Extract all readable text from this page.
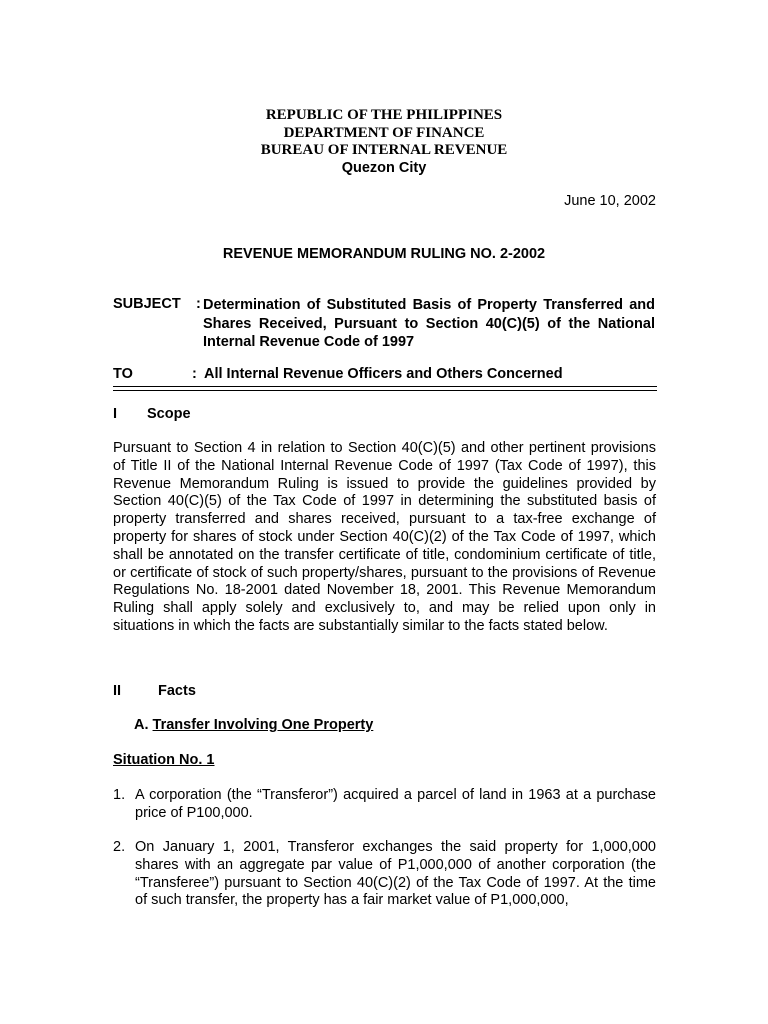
REPUBLIC OF THE PHILIPPINES
DEPARTMENT OF FINANCE
BUREAU OF INTERNAL REVENUE
Quezon City
June 10, 2002
REVENUE MEMORANDUM RULING NO. 2-2002
SUBJECT : Determination of Substituted Basis of Property Transferred and Shares Received, Pursuant to Section 40(C)(5) of the National Internal Revenue Code of 1997
TO	: All Internal Revenue Officers and Others Concerned
I Scope
Pursuant to Section 4 in relation to Section 40(C)(5) and other pertinent provisions of Title II of the National Internal Revenue Code of 1997 (Tax Code of 1997), this Revenue Memorandum Ruling is issued to provide the guidelines provided by Section 40(C)(5) of the Tax Code of 1997 in determining the substituted basis of property transferred and shares received, pursuant to a tax-free exchange of property for shares of stock under Section 40(C)(2) of the Tax Code of 1997, which shall be annotated on the transfer certificate of title, condominium certificate of title, or certificate of stock of such property/shares, pursuant to the provisions of Revenue Regulations No. 18-2001 dated November 18, 2001. This Revenue Memorandum Ruling shall apply solely and exclusively to, and may be relied upon only in situations in which the facts are substantially similar to the facts stated below.
II	Facts
A. Transfer Involving One Property
Situation No. 1
1. A corporation (the “Transferor”) acquired a parcel of land in 1963 at a purchase price of P100,000.
2. On January 1, 2001, Transferor exchanges the said property for 1,000,000 shares with an aggregate par value of P1,000,000 of another corporation (the “Transferee”) pursuant to Section 40(C)(2) of the Tax Code of 1997. At the time of such transfer, the property has a fair market value of P1,000,000,
